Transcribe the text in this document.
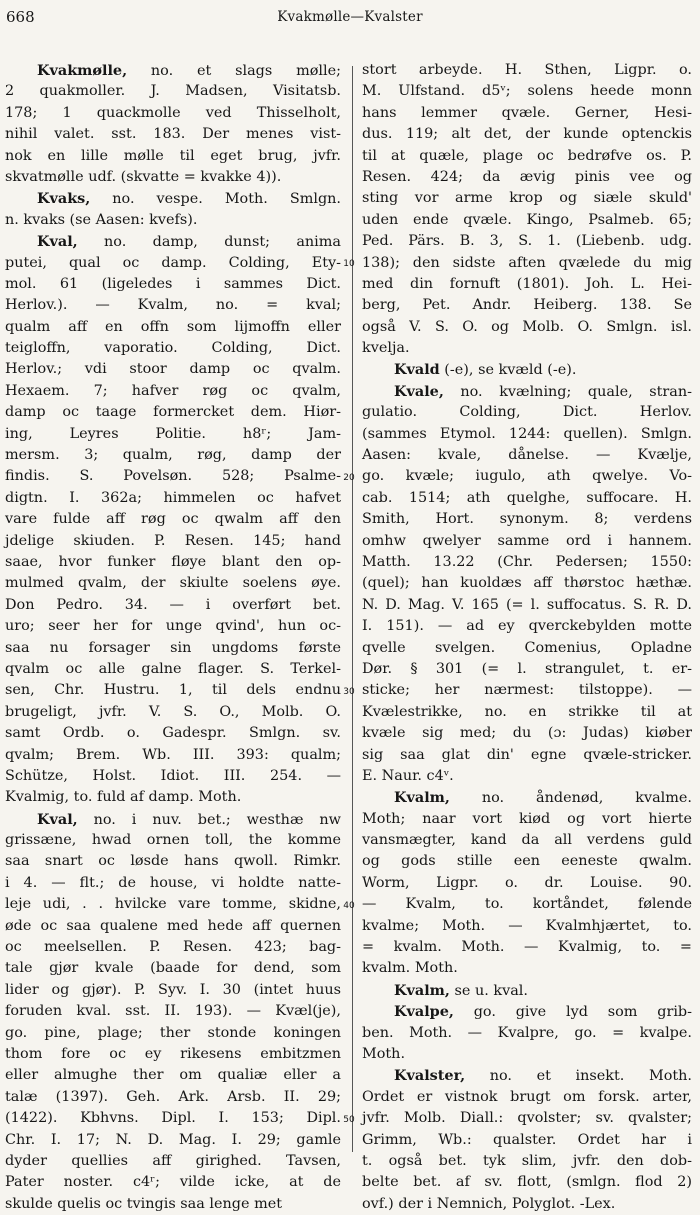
668	Kvakmølle—Kvalster
Kvakmølle, no. et slags mølle;
2 quakmoller. J. Madsen, Visitatsb.
178; 1 quackmolle ved Thisselholt,
nihil valet. sst. 183. Der menes vist-
nok en lille mølle til eget brug, jvfr.
skvatmølle udf. (skvatte = kvakke 4)).
Kvaks, no. vespe. Moth. Smlgn.
n. kvaks (se Aasen: kvefs).
Kval, no. damp, dunst; anima
putei, qual oc damp. Colding, Ety-
mol. 61 (ligeledes i sammes Dict.
Herlov.). — Kvalm, no. = kval;
qualm aff en offn som lijmoffn eller
teigloffn, vaporatio. Colding, Dict.
Herlov.; vdi stoor damp oc qvalm.
Hexaem. 7; hafver røg oc qvalm,
damp oc taage formercket dem. Hiør-
ing, Leyres Politie. h8ʳ; Jam-
mersm. 3; qualm, røg, damp der
findis. S. Povelsøn. 528; Psalme-
digtn. I. 362a; himmelen oc hafvet
vare fulde aff røg oc qwalm aff den
jdelige skiuden. P. Resen. 145; hand
saae, hvor funker fløye blant den op-
mulmed qvalm, der skiulte soelens øye.
Don Pedro. 34. — i overført bet.
uro; seer her for unge qvind', hun oc-
saa nu forsager sin ungdoms første
qvalm oc alle galne flager. S. Terkel-
sen, Chr. Hustru. 1, til dels endnu
brugeligt, jvfr. V. S. O., Molb. O.
samt Ordb. o. Gadespr. Smlgn. sv.
qvalm; Brem. Wb. III. 393: qualm;
Schütze, Holst. Idiot. III. 254. —
Kvalmig, to. fuld af damp. Moth.
Kval, no. i nuv. bet.; westhæ nw
grissæne, hwad ornen toll, the komme
saa snart oc løsde hans qwoll. Rimkr.
i 4. — flt.; de house, vi holdte natte-
leje udi, . . hvilcke vare tomme, skidne,
øde oc saa qualene med hede aff quernen
oc meelsellen. P. Resen. 423; bag-
tale gjør kvale (baade for dend, som
lider og gjør). P. Syv. I. 30 (intet huus
foruden kval. sst. II. 193). — Kvæl(je),
go. pine, plage; ther stonde koningen
thom fore oc ey rikesens embitzmen
eller almughe ther om qualiæ eller a
talæ (1397). Geh. Ark. Arsb. II. 29;
(1422). Kbhvns. Dipl. I. 153; Dipl.
Chr. I. 17; N. D. Mag. I. 29; gamle
dyder quellies aff girighed. Tavsen,
Pater noster. c4ʳ; vilde icke, at de
skulde quelis oc tvingis saa lenge met
stort arbeyde. H. Sthen, Ligpr. o.
M. Ulfstand. d5ᵛ; solens heede monn
hans lemmer qvæle. Gerner, Hesi-
dus. 119; alt det, der kunde optenckis
til at quæle, plage oc bedrøfve os. P.
Resen. 424; da ævig pinis vee og
sting vor arme krop og siæle skuld'
uden ende qvæle. Kingo, Psalmeb. 65;
Ped. Pärs. B. 3, S. 1. (Liebenb. udg.
138); den sidste aften qvælede du mig
med din fornuft (1801). Joh. L. Hei-
berg, Pet. Andr. Heiberg. 138. Se
også V. S. O. og Molb. O. Smlgn. isl.
kvelja.
Kvald (-e), se kvæld (-e).
Kvale, no. kvælning; quale, stran-
gulatio. Colding, Dict. Herlov.
(sammes Etymol. 1244: quellen). Smlgn.
Aasen: kvale, dånelse. — Kvælje,
go. kvæle; iugulo, ath qwelye. Vo-
cab. 1514; ath quelghe, suffocare. H.
Smith, Hort. synonym. 8; verdens
omhw qwelyer samme ord i hannem.
Matth. 13.22 (Chr. Pedersen; 1550:
(quel); han kuoldæs aff thørstoc hæthæ.
N. D. Mag. V. 165 (= l. suffocatus. S. R. D.
I. 151). — ad ey qverckebylden motte
qvelle svelgen. Comenius, Opladne
Dør. § 301 (= l. strangulet, t. er-
sticke; her nærmest: tilstoppe). —
Kvælestrikke, no. en strikke til at
kvæle sig med; du (ɔ: Judas) kiøber
sig saa glat din' egne qvæle-stricker.
E. Naur. c4ᵛ.
Kvalm, no. åndenød, kvalme.
Moth; naar vort kiød og vort hierte
vansmægter, kand da all verdens guld
og gods stille een eeneste qwalm.
Worm, Ligpr. o. dr. Louise. 90.
— Kvalm, to. kortåndet, følende
kvalme; Moth. — Kvalmhjærtet, to.
= kvalm. Moth. — Kvalmig, to. =
kvalm. Moth.
Kvalm, se u. kval.
Kvalpe, go. give lyd som grib-
ben. Moth. — Kvalpre, go. = kvalpe.
Moth.
Kvalster, no. et insekt. Moth.
Ordet er vistnok brugt om forsk. arter,
jvfr. Molb. Diall.: qvolster; sv. qvalster;
Grimm, Wb.: qualster. Ordet har i
t. også bet. tyk slim, jvfr. den dob-
belte bet. af sv. flott, (smlgn. flod 2)
ovf.) der i Nemnich, Polyglot. -Lex.
10
20
30
40
50
